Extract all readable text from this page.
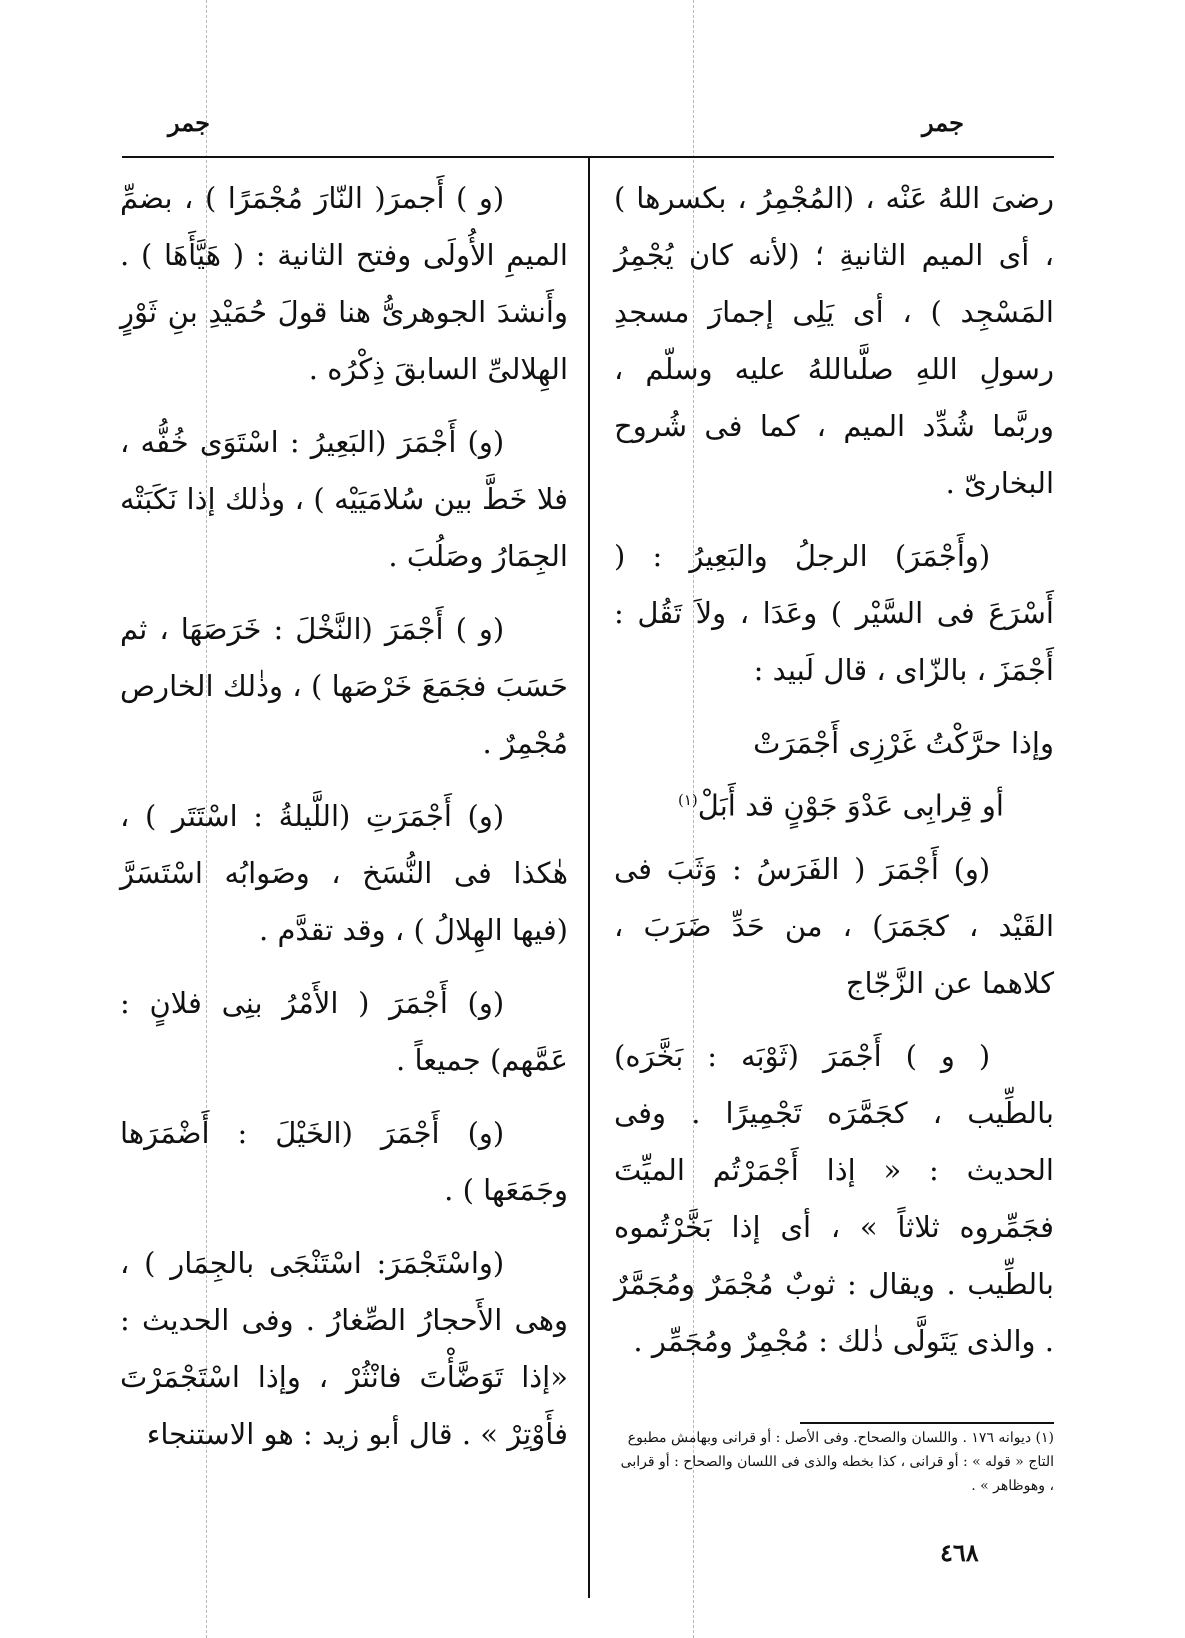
جمر
جمر

رضىَ اللهُ عَنْه ، (المُجْمِرُ ، بكسرها ) ، أى الميم الثانيةِ ؛ (لأنه كان يُجْمِرُ المَسْجِد ) ، أى يَلِى إجمارَ مسجدِ رسولِ اللهِ صلَّىاللهُ عليه وسلّم ، وربَّما شُدِّد الميم ، كما فى شُروح البخارىّ .

(وأَجْمَرَ) الرجلُ والبَعِيرُ : ( أَسْرَعَ فى السَّيْر ) وعَدَا ، ولاَ تَقُل : أَجْمَزَ ، بالزّاى ، قال لَبيد :

وإذا حرَّكْتُ غَرْزِى أَجْمَرَتْ
أو قِرابِى عَدْوَ جَوْنٍ قد أَبَلْ$^{(١)}$

(و) أَجْمَرَ ( الفَرَسُ : وَثَبَ فى القَيْد ، كجَمَرَ) ، من حَدِّ ضَرَبَ ، كلاهما عن الزَّجّاج

( و ) أَجْمَرَ (ثَوْبَه : بَخَّرَه) بالطِّيب ، كجَمَّرَه تَجْمِيرًا . وفى الحديث : « إذا أَجْمَرْتُم الميِّتَ فجَمِّروه ثلاثاً » ، أى إذا بَخَّرْتُموه بالطِّيب . ويقال : ثوبٌ مُجْمَرٌ ومُجَمَّرٌ . والذى يَتَولَّى ذٰلك : مُجْمِرٌ ومُجَمِّر .

(و ) أَجمرَ( النّارَ مُجْمَرًا ) ، بضمِّ الميمِ الأُولَى وفتح الثانية : ( هَيَّأَهَا ) . وأَنشدَ الجوهرىُّ هنا قولَ حُمَيْدِ بنِ ثَوْرٍ الهِلالىِّ السابقَ ذِكْرُه .

(و) أَجْمَرَ (البَعِيرُ : اسْتَوَى خُفُّه ، فلا خَطَّ بين سُلامَيَيْه ) ، وذٰلك إذا نَكَبَتْه الجِمَارُ وصَلُبَ .

(و ) أَجْمَرَ (النَّخْلَ : خَرَصَهَا ، ثم حَسَبَ فجَمَعَ خَرْصَها ) ، وذٰلك الخارص مُجْمِرٌ .

(و) أَجْمَرَتِ (اللَّيلةُ : اسْتَتَر ) ، هٰكذا فى النُّسَخ ، وصَوابُه اسْتَسَرَّ (فيها الهِلالُ ) ، وقد تقدَّم .

(و) أَجْمَرَ ( الأَمْرُ بنِى فلانٍ : عَمَّهم) جميعاً .

(و) أَجْمَرَ (الخَيْلَ : أَضْمَرَها وجَمَعَها ) .

(واسْتَجْمَرَ: اسْتَنْجَى بالجِمَار ) ، وهى الأَحجارُ الصِّغارُ . وفى الحديث : «إذا تَوَضَّأْتَ فانْثُرْ ، وإذا اسْتَجْمَرْتَ فأَوْتِرْ » . قال أبو زيد : هو الاستنجاء	(١) ديوانه ١٧٦ . واللسان والصحاح. وفى الأصل : أو قرانى وبهامش مطبوع التاج « قوله » : أو قرانى ، كذا بخطه والذى فى اللسان والصحاح : أو قرابى ، وهوظاهر » .
٤٦٨
